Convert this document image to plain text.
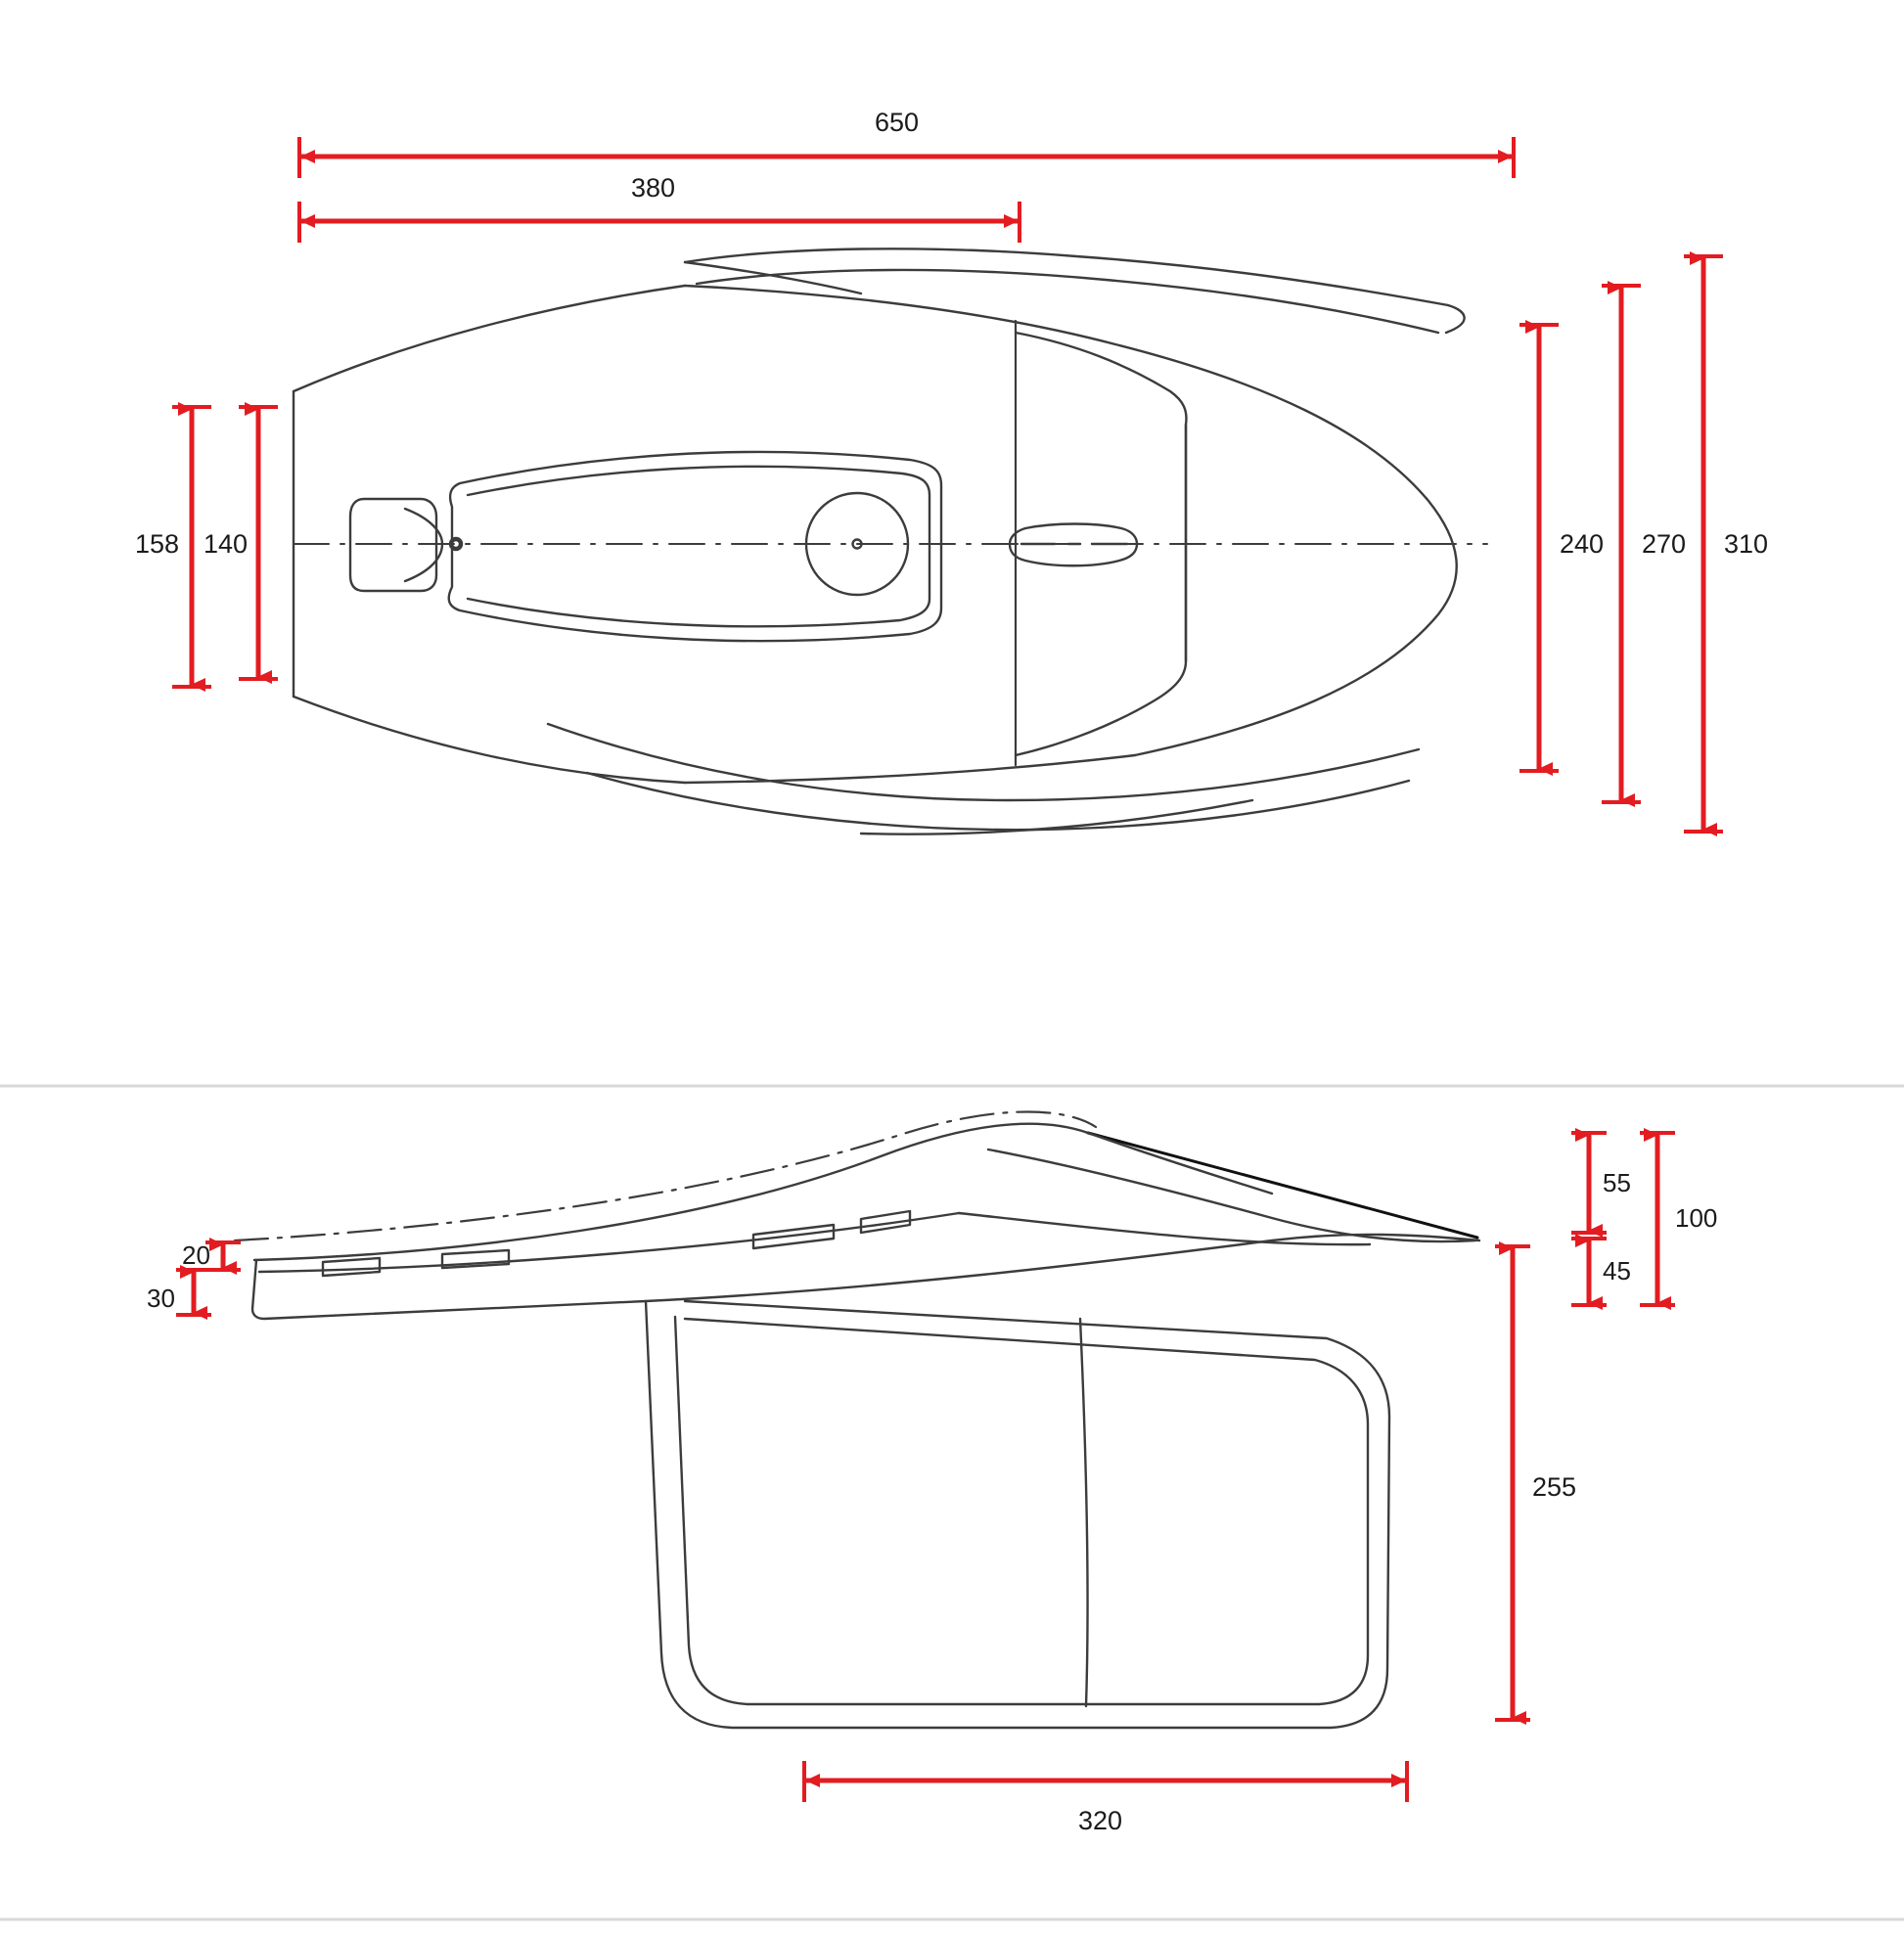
650
380
158 140	240 270 310
20
30
55
45
100
255
320
